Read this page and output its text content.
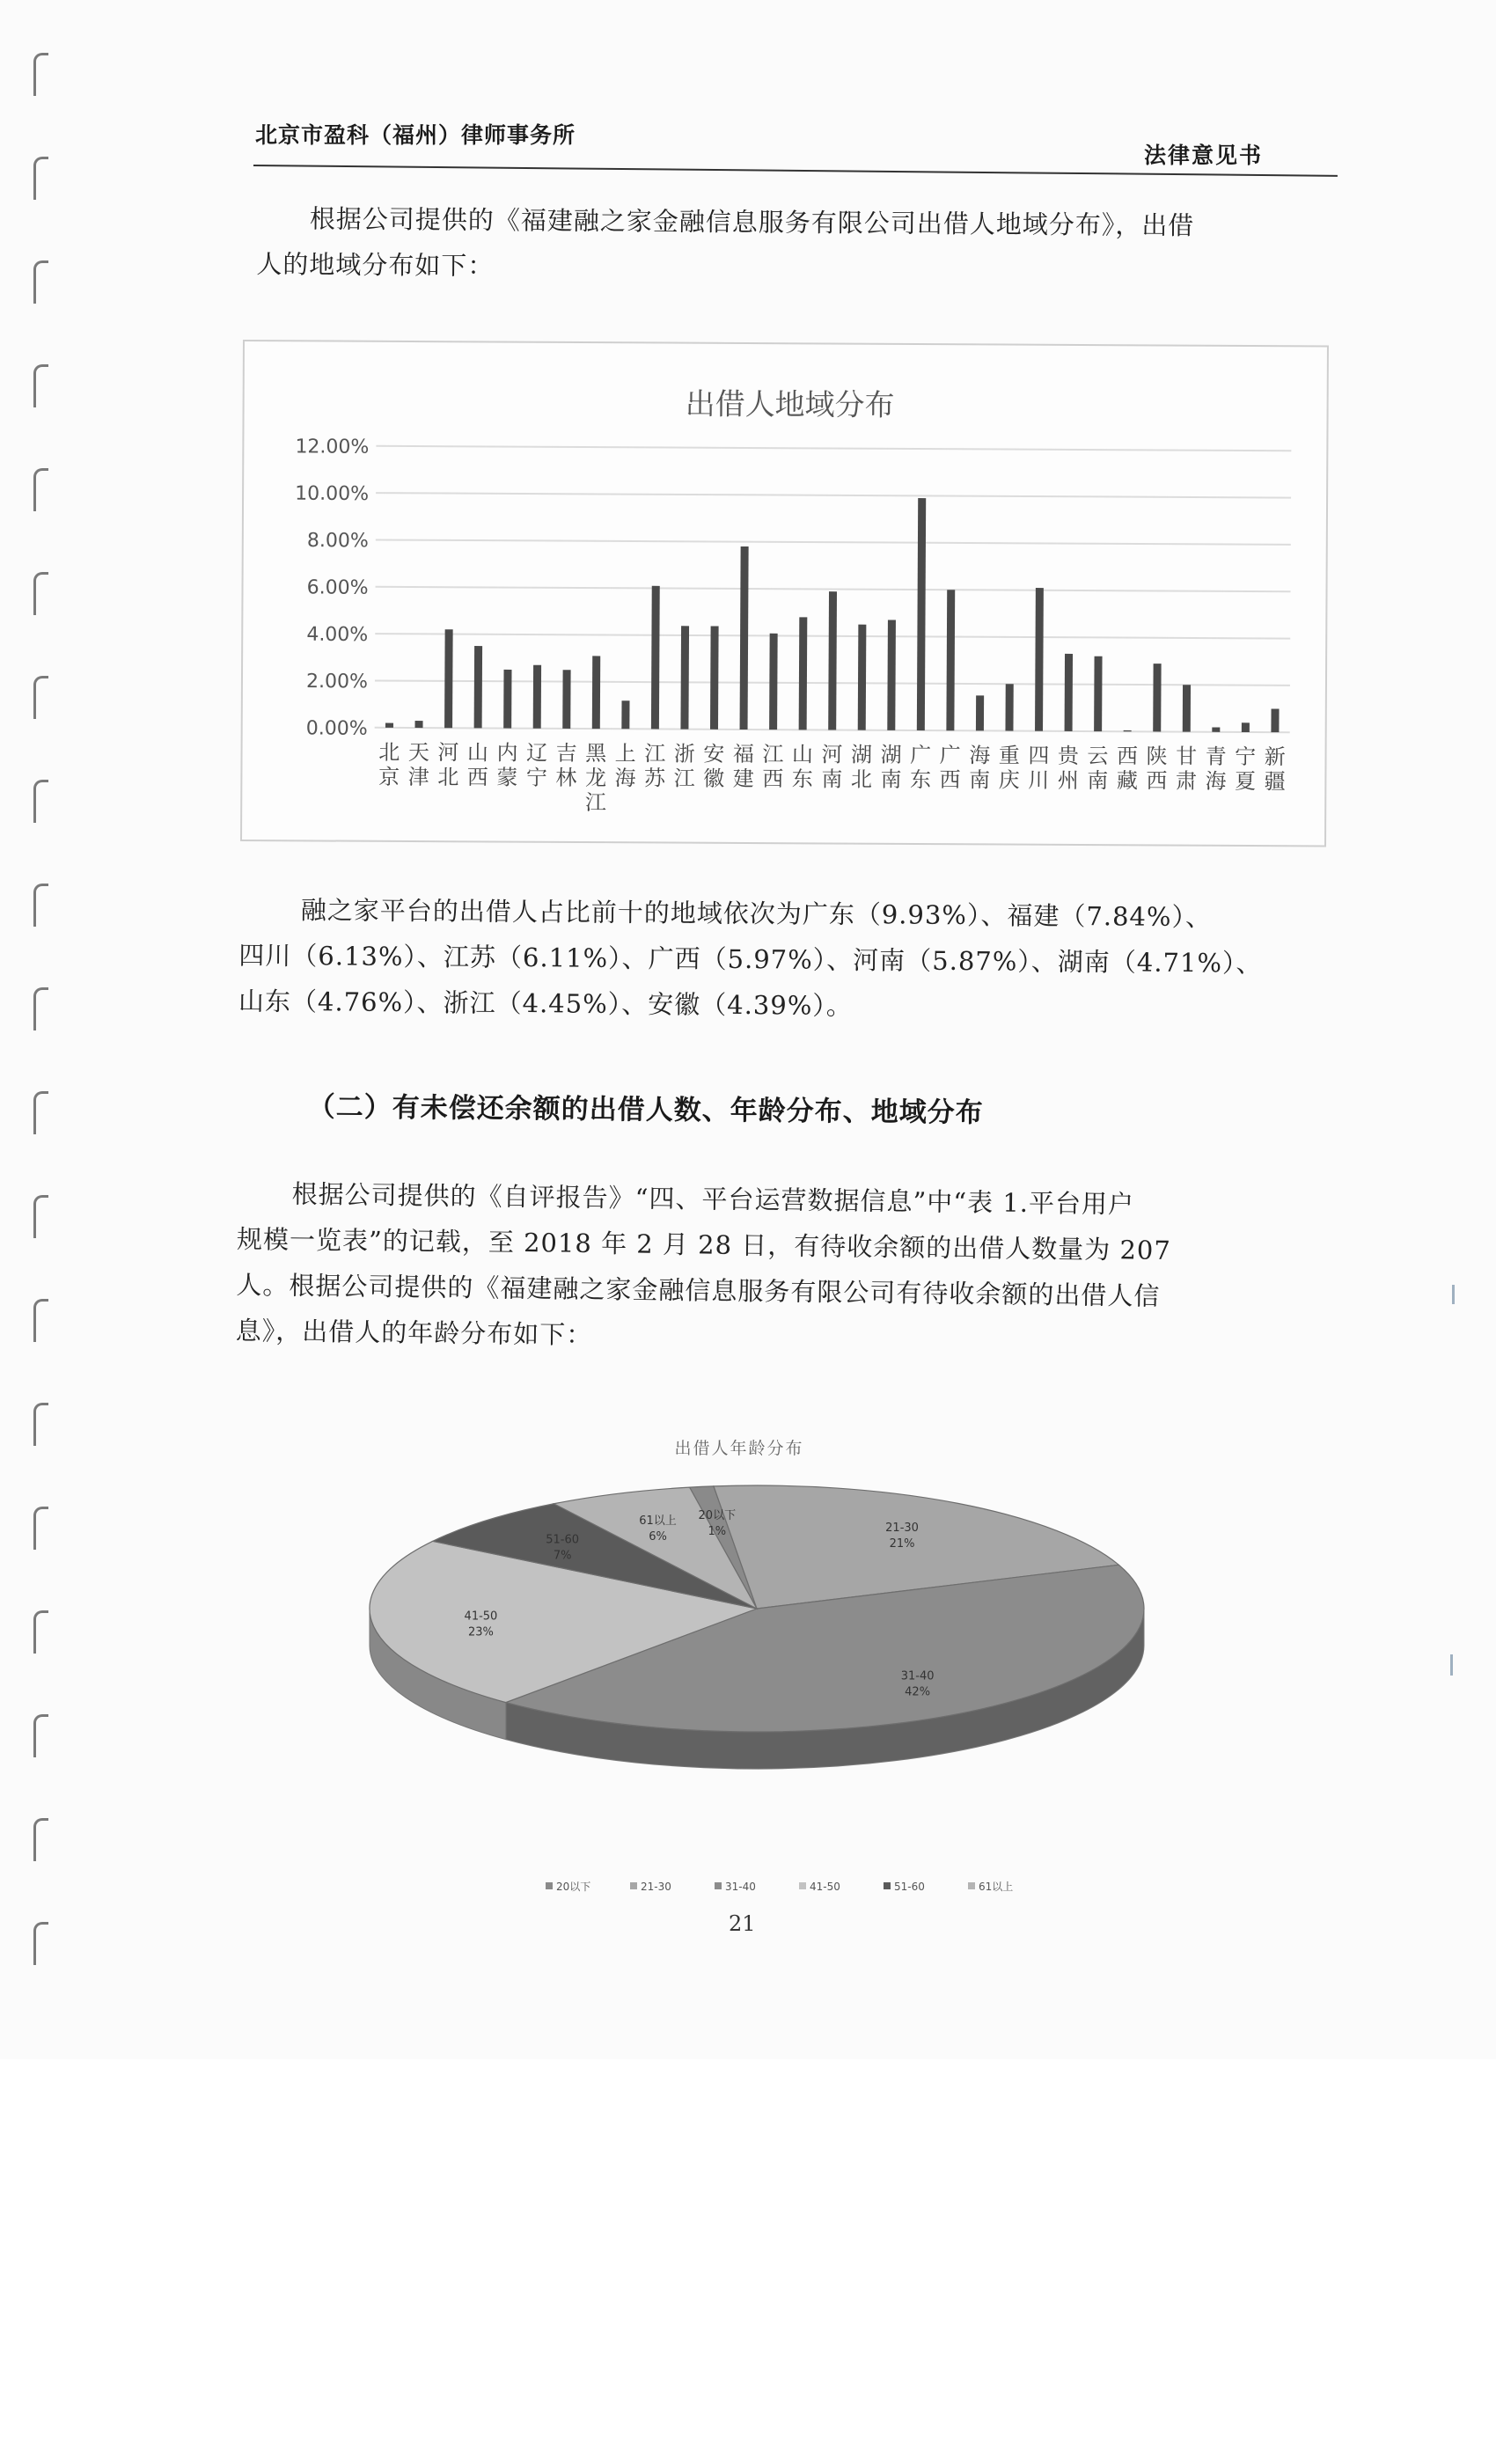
北京市盈科（福州）律师事务所
法律意见书

根据公司提供的《福建融之家金融信息服务有限公司出借人地域分布》，出借

人的地域分布如下：

出借人地域分布
12.00%
10.00%
8.00%
6.00%
4.00%
2.00%
0.00%
北
京
天
津
河
北
山
西
内
蒙
辽
宁
吉
林
黑
龙
江
上
海
江
苏
浙
江
安
徽
福
建
江
西
山
东
河
南
湖
北
湖
南
广
东
广
西
海
南
重
庆
四
川
贵
州
云
南
西
藏
陕
西
甘
肃
青
海
宁
夏
新
疆

融之家平台的出借人占比前十的地域依次为广东（9.93%）、福建（7.84%）、

四川（6.13%）、江苏（6.11%）、广西（5.97%）、河南（5.87%）、湖南（4.71%）、

山东（4.76%）、浙江（4.45%）、安徽（4.39%）。

（二）有未偿还余额的出借人数、年龄分布、地域分布

根据公司提供的《自评报告》“四、平台运营数据信息”中“表 1.平台用户

规模一览表”的记载，至 2018 年 2 月 28 日，有待收余额的出借人数量为 207

人。根据公司提供的《福建融之家金融信息服务有限公司有待收余额的出借人信

息》，出借人的年龄分布如下：

出借人年龄分布
20以下
1%	21-30
21%
31-40
42%
41-50
23%
51-60
7%
61以上
6%
20以下	21-30	31-40	41-50	51-60	61以上
21
